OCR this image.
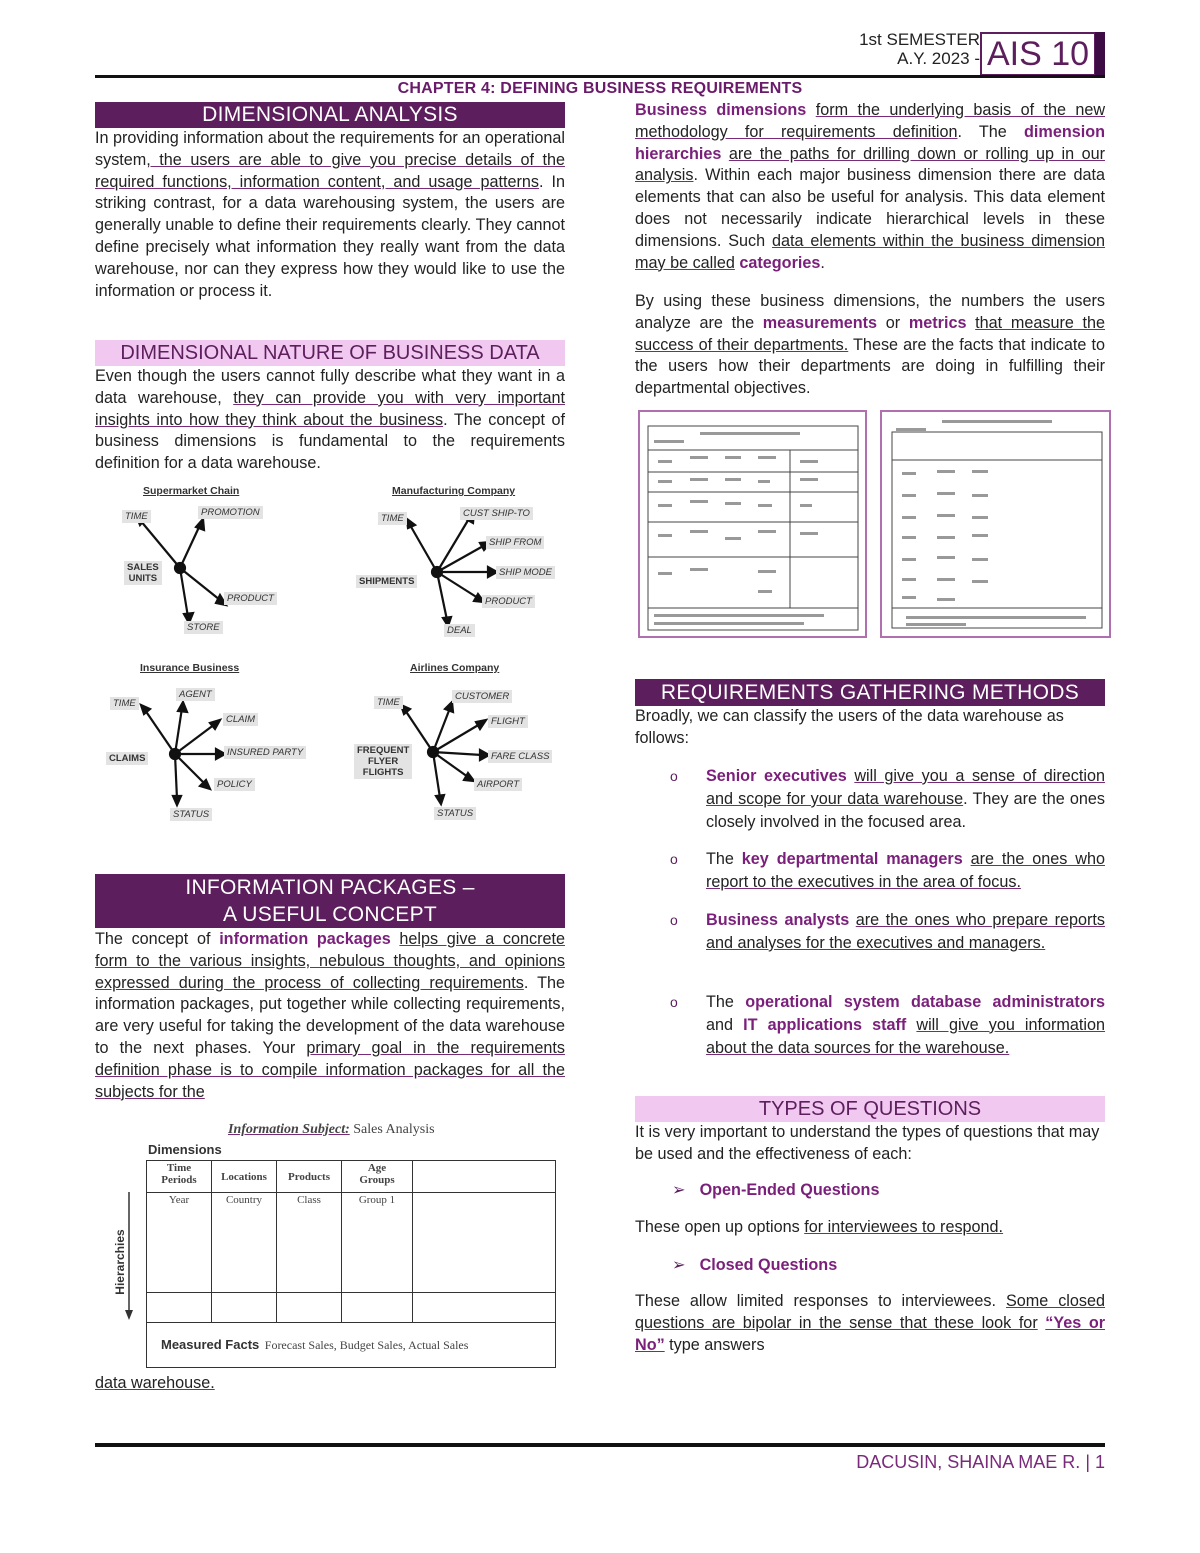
1st SEMESTER
A.Y. 2023 - AIS 10
CHAPTER 4: DEFINING BUSINESS REQUIREMENTS
DIMENSIONAL ANALYSIS
In providing information about the requirements for an operational system, the users are able to give you precise details of the required functions, information content, and usage patterns. In striking contrast, for a data warehousing system, the users are generally unable to define their requirements clearly. They cannot define precisely what information they really want from the data warehouse, nor can they express how they would like to use the information or process it.
DIMENSIONAL NATURE OF BUSINESS DATA
Even though the users cannot fully describe what they want in a data warehouse, they can provide you with very important insights into how they think about the business. The concept of business dimensions is fundamental to the requirements definition for a data warehouse.
Supermarket Chain
TIME	PROMOTION
SALES
UNITS
PRODUCT
STORE
Manufacturing Company
TIME	CUST SHIP-TO
SHIP FROM
SHIPMENTS
SHIP MODE
PRODUCT
DEAL
Insurance Business
TIME
AGENT
CLAIM
CLAIMS
INSURED PARTY
POLICY
STATUS
Airlines Company
TIME
CUSTOMER
FLIGHT
FREQUENT
FLYER
FLIGHTS
FARE CLASS
AIRPORT
STATUS
INFORMATION PACKAGES –
A USEFUL CONCEPT
The concept of information packages helps give a concrete form to the various insights, nebulous thoughts, and opinions expressed during the process of collecting requirements. The information packages, put together while collecting requirements, are very useful for taking the development of the data warehouse to the next phases. Your primary goal in the requirements definition phase is to compile information packages for all the subjects for the
Information Subject: Sales Analysis
Dimensions
Hierarchies
Time
Periods	Locations	Products	Age
Groups	
Year	Country	Class	Group 1	

Measured Facts Forecast Sales, Budget Sales, Actual Sales				
data warehouse.
Business dimensions form the underlying basis of the new methodology for requirements definition. The dimension hierarchies are the paths for drilling down or rolling up in our analysis. Within each major business dimension there are data elements that can also be useful for analysis. This data element does not necessarily indicate hierarchical levels in these dimensions. Such data elements within the business dimension may be called categories.
By using these business dimensions, the numbers the users analyze are the measurements or metrics that measure the success of their departments. These are the facts that indicate to the users how their departments are doing in fulfilling their departmental objectives.
REQUIREMENTS GATHERING METHODS
Broadly, we can classify the users of the data warehouse as follows:
o Senior executives will give you a sense of direction and scope for your data warehouse. They are the ones closely involved in the focused area.
o The key departmental managers are the ones who report to the executives in the area of focus.
o Business analysts are the ones who prepare reports and analyses for the executives and managers.
o The operational system database administrators and IT applications staff will give you information about the data sources for the warehouse.
TYPES OF QUESTIONS
It is very important to understand the types of questions that may be used and the effectiveness of each:
➢ Open-Ended Questions
These open up options for interviewees to respond.
➢ Closed Questions
These allow limited responses to interviewees. Some closed questions are bipolar in the sense that these look for “Yes or No” type answers
DACUSIN, SHAINA MAE R. | 1
